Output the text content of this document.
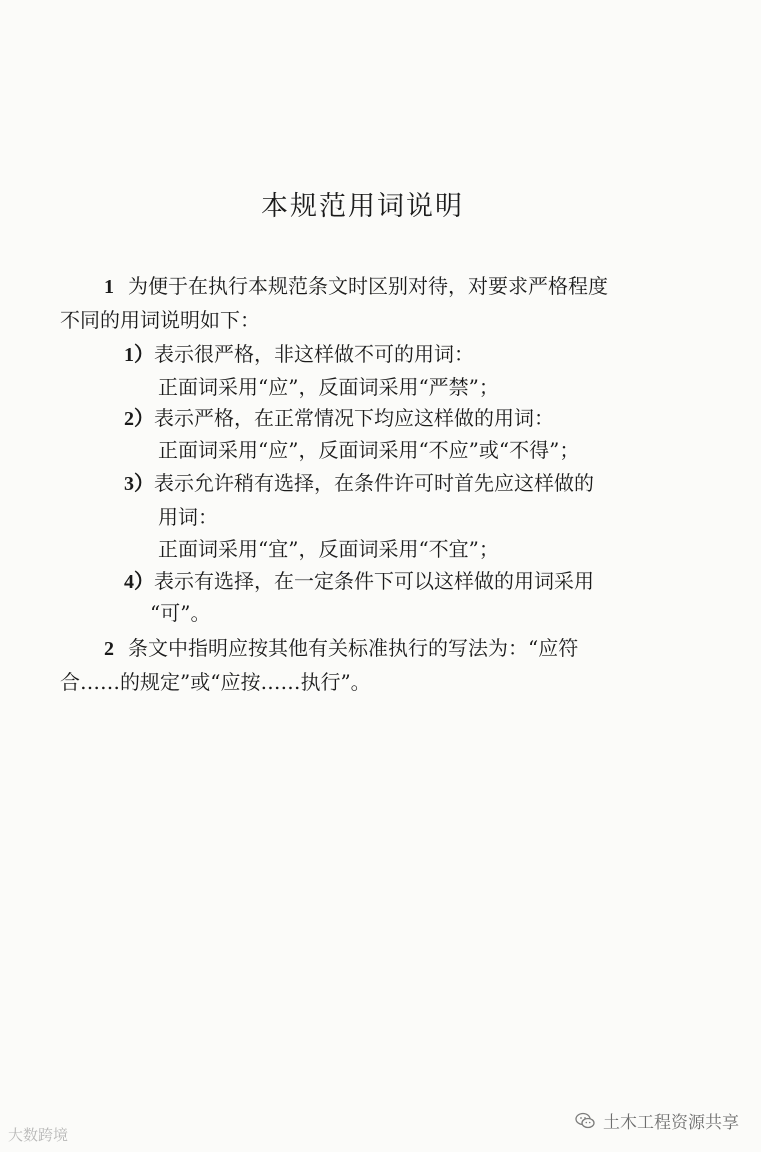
本规范用词说明
1 为便于在执行本规范条文时区别对待，对要求严格程度
不同的用词说明如下：
1）表示很严格，非这样做不可的用词：
正面词采用“应”，反面词采用“严禁”；
2）表示严格，在正常情况下均应这样做的用词：
正面词采用“应”，反面词采用“不应”或“不得”；
3）表示允许稍有选择，在条件许可时首先应这样做的
用词：
正面词采用“宜”，反面词采用“不宜”；
4）表示有选择，在一定条件下可以这样做的用词采用
“可”。
2 条文中指明应按其他有关标准执行的写法为：“应符
合……的规定”或“应按……执行”。
大数跨境
土木工程资源共享
